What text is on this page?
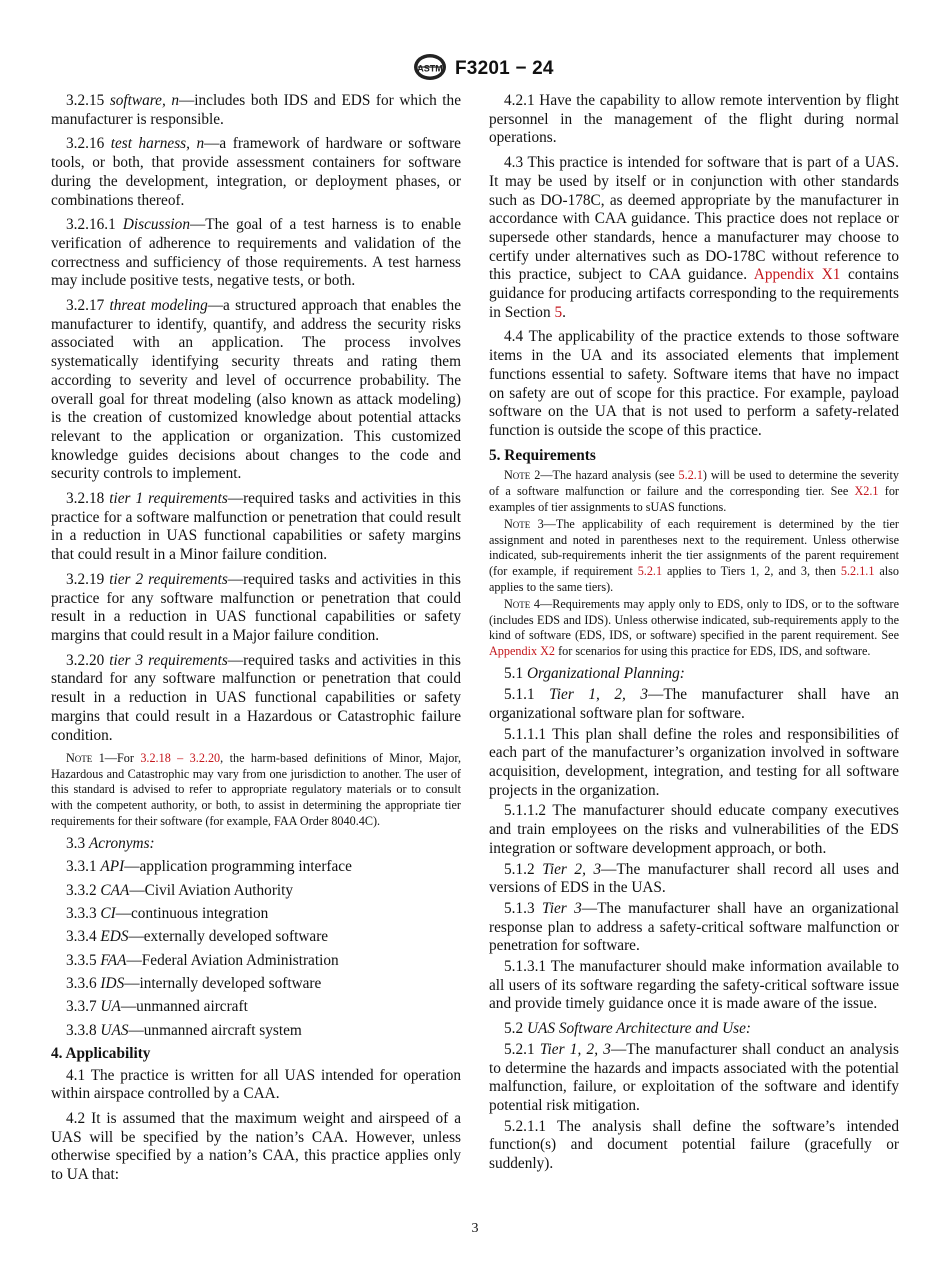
ASTM F3201 − 24

3.2.15 software, n—includes both IDS and EDS for which the manufacturer is responsible.

3.2.16 test harness, n—a framework of hardware or software tools, or both, that provide assessment containers for software during the development, integration, or deployment phases, or combinations thereof.

3.2.16.1 Discussion—The goal of a test harness is to enable verification of adherence to requirements and validation of the correctness and sufficiency of those requirements. A test harness may include positive tests, negative tests, or both.

3.2.17 threat modeling—a structured approach that enables the manufacturer to identify, quantify, and address the security risks associated with an application. The process involves systematically identifying security threats and rating them according to severity and level of occurrence probability. The overall goal for threat modeling (also known as attack modeling) is the creation of customized knowledge about potential attacks relevant to the application or organization. This customized knowledge guides decisions about changes to the code and security controls to implement.

3.2.18 tier 1 requirements—required tasks and activities in this practice for a software malfunction or penetration that could result in a reduction in UAS functional capabilities or safety margins that could result in a Minor failure condition.

3.2.19 tier 2 requirements—required tasks and activities in this practice for any software malfunction or penetration that could result in a reduction in UAS functional capabilities or safety margins that could result in a Major failure condition.

3.2.20 tier 3 requirements—required tasks and activities in this standard for any software malfunction or penetration that could result in a reduction in UAS functional capabilities or safety margins that could result in a Hazardous or Catastrophic failure condition.

Note 1—For 3.2.18 – 3.2.20, the harm-based definitions of Minor, Major, Hazardous and Catastrophic may vary from one jurisdiction to another. The user of this standard is advised to refer to appropriate regulatory materials or to consult with the competent authority, or both, to assist in determining the appropriate tier requirements for their software (for example, FAA Order 8040.4C).

3.3 Acronyms:

3.3.1 API—application programming interface

3.3.2 CAA—Civil Aviation Authority

3.3.3 CI—continuous integration

3.3.4 EDS—externally developed software

3.3.5 FAA—Federal Aviation Administration

3.3.6 IDS—internally developed software

3.3.7 UA—unmanned aircraft

3.3.8 UAS—unmanned aircraft system

4. Applicability

4.1 The practice is written for all UAS intended for operation within airspace controlled by a CAA.

4.2 It is assumed that the maximum weight and airspeed of a UAS will be specified by the nation’s CAA. However, unless otherwise specified by a nation’s CAA, this practice applies only to UA that:

4.2.1 Have the capability to allow remote intervention by flight personnel in the management of the flight during normal operations.

4.3 This practice is intended for software that is part of a UAS. It may be used by itself or in conjunction with other standards such as DO-178C, as deemed appropriate by the manufacturer in accordance with CAA guidance. This practice does not replace or supersede other standards, hence a manufacturer may choose to certify under alternatives such as DO-178C without reference to this practice, subject to CAA guidance. Appendix X1 contains guidance for producing artifacts corresponding to the requirements in Section 5.

4.4 The applicability of the practice extends to those software items in the UA and its associated elements that implement functions essential to safety. Software items that have no impact on safety are out of scope for this practice. For example, payload software on the UA that is not used to perform a safety-related function is outside the scope of this practice.

5. Requirements

Note 2—The hazard analysis (see 5.2.1) will be used to determine the severity of a software malfunction or failure and the corresponding tier. See X2.1 for examples of tier assignments to sUAS functions.

Note 3—The applicability of each requirement is determined by the tier assignment and noted in parentheses next to the requirement. Unless otherwise indicated, sub-requirements inherit the tier assignments of the parent requirement (for example, if requirement 5.2.1 applies to Tiers 1, 2, and 3, then 5.2.1.1 also applies to the same tiers).

Note 4—Requirements may apply only to EDS, only to IDS, or to the software (includes EDS and IDS). Unless otherwise indicated, sub-requirements apply to the kind of software (EDS, IDS, or software) specified in the parent requirement. See Appendix X2 for scenarios for using this practice for EDS, IDS, and software.

5.1 Organizational Planning:

5.1.1 Tier 1, 2, 3—The manufacturer shall have an organizational software plan for software.

5.1.1.1 This plan shall define the roles and responsibilities of each part of the manufacturer’s organization involved in software acquisition, development, integration, and testing for all software projects in the organization.

5.1.1.2 The manufacturer should educate company executives and train employees on the risks and vulnerabilities of the EDS integration or software development approach, or both.

5.1.2 Tier 2, 3—The manufacturer shall record all uses and versions of EDS in the UAS.

5.1.3 Tier 3—The manufacturer shall have an organizational response plan to address a safety-critical software malfunction or penetration for software.

5.1.3.1 The manufacturer should make information available to all users of its software regarding the safety-critical software issue and provide timely guidance once it is made aware of the issue.

5.2 UAS Software Architecture and Use:

5.2.1 Tier 1, 2, 3—The manufacturer shall conduct an analysis to determine the hazards and impacts associated with the potential malfunction, failure, or exploitation of the software and identify potential risk mitigation.

5.2.1.1 The analysis shall define the software’s intended function(s) and document potential failure (gracefully or suddenly).

3
